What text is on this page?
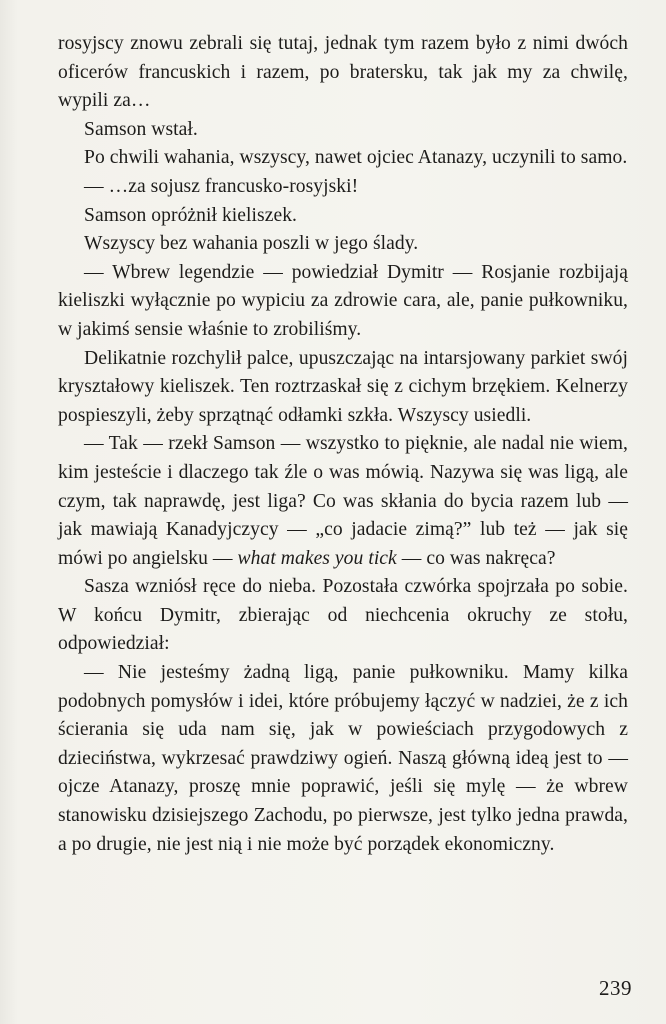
rosyjscy znowu zebrali się tutaj, jednak tym razem było z nimi dwóch oficerów francuskich i razem, po bratersku, tak jak my za chwilę, wypili za…

Samson wstał.

Po chwili wahania, wszyscy, nawet ojciec Atanazy, uczynili to samo.

— …za sojusz francusko-rosyjski!

Samson opróżnił kieliszek.

Wszyscy bez wahania poszli w jego ślady.

— Wbrew legendzie — powiedział Dymitr — Rosjanie rozbijają kieliszki wyłącznie po wypiciu za zdrowie cara, ale, panie pułkowniku, w jakimś sensie właśnie to zrobiliśmy.

Delikatnie rozchylił palce, upuszczając na intarsjowany parkiet swój kryształowy kieliszek. Ten roztrzaskał się z cichym brzękiem. Kelnerzy pospieszyli, żeby sprzątnąć odłamki szkła. Wszyscy usiedli.

— Tak — rzekł Samson — wszystko to pięknie, ale nadal nie wiem, kim jesteście i dlaczego tak źle o was mówią. Nazywa się was ligą, ale czym, tak naprawdę, jest liga? Co was skłania do bycia razem lub — jak mawiają Kanadyjczycy — „co jadacie zimą?” lub też — jak się mówi po angielsku — what makes you tick — co was nakręca?

Sasza wzniósł ręce do nieba. Pozostała czwórka spojrzała po sobie. W końcu Dymitr, zbierając od niechcenia okruchy ze stołu, odpowiedział:

— Nie jesteśmy żadną ligą, panie pułkowniku. Mamy kilka podobnych pomysłów i idei, które próbujemy łączyć w nadziei, że z ich ścierania się uda nam się, jak w powieściach przygodowych z dzieciństwa, wykrzesać prawdziwy ogień. Naszą główną ideą jest to — ojcze Atanazy, proszę mnie poprawić, jeśli się mylę — że wbrew stanowisku dzisiejszego Zachodu, po pierwsze, jest tylko jedna prawda, a po drugie, nie jest nią i nie może być porządek ekonomiczny.

239
